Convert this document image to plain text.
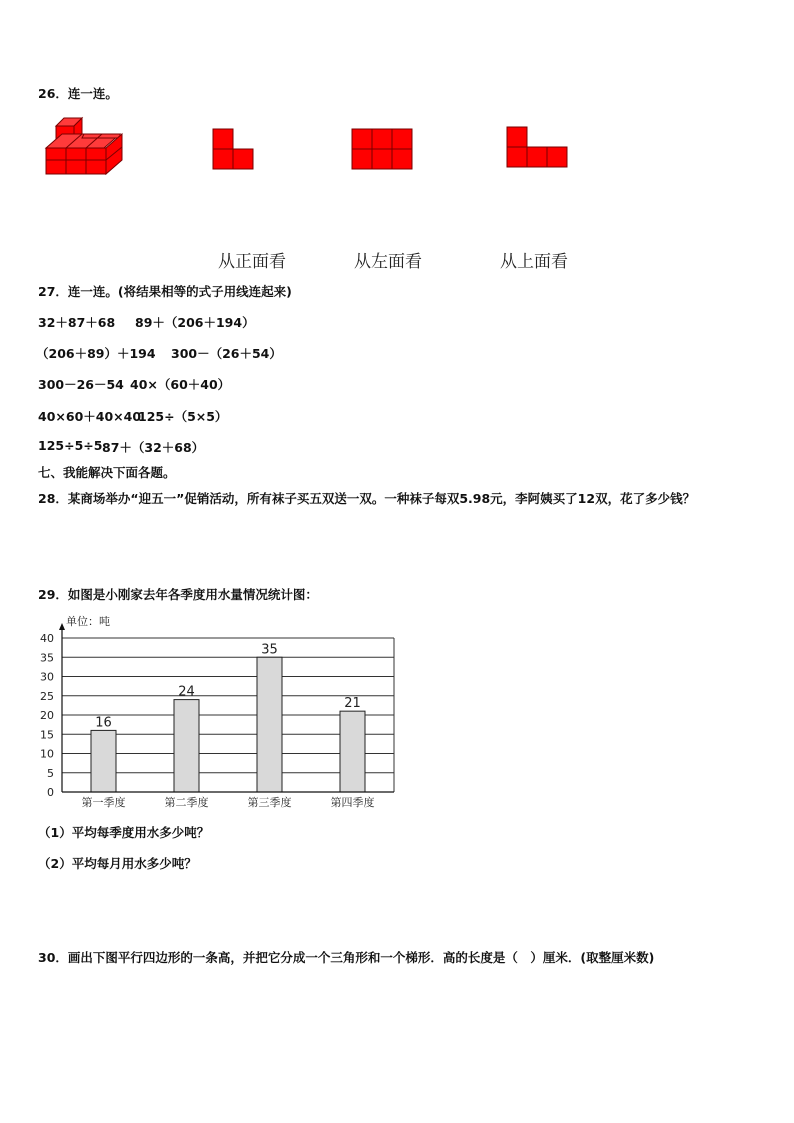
26．连一连。
从正面看	从左面看	从上面看
27．连一连。(将结果相等的式子用线连起来)
32＋87＋68 89＋（206＋194）
（206＋89）＋194 300－（26＋54）
300－26－54 40×（60＋40）
40×60＋40×40
125÷（5×5）
125÷5÷5 87＋（32＋68）
七、我能解决下面各题。
28．某商场举办“迎五一”促销活动，所有袜子买五双送一双。一种袜子每双5.98元，李阿姨买了12双，花了多少钱？
29．如图是小刚家去年各季度用水量情况统计图：
单位：吨
0
5
10
15
20
25
30
35
40
16
第一季度
24
第二季度
35
第三季度
21
第四季度
（1）平均每季度用水多少吨？
（2）平均每月用水多少吨？
30．画出下图平行四边形的一条高，并把它分成一个三角形和一个梯形．高的长度是（　）厘米．(取整厘米数)
